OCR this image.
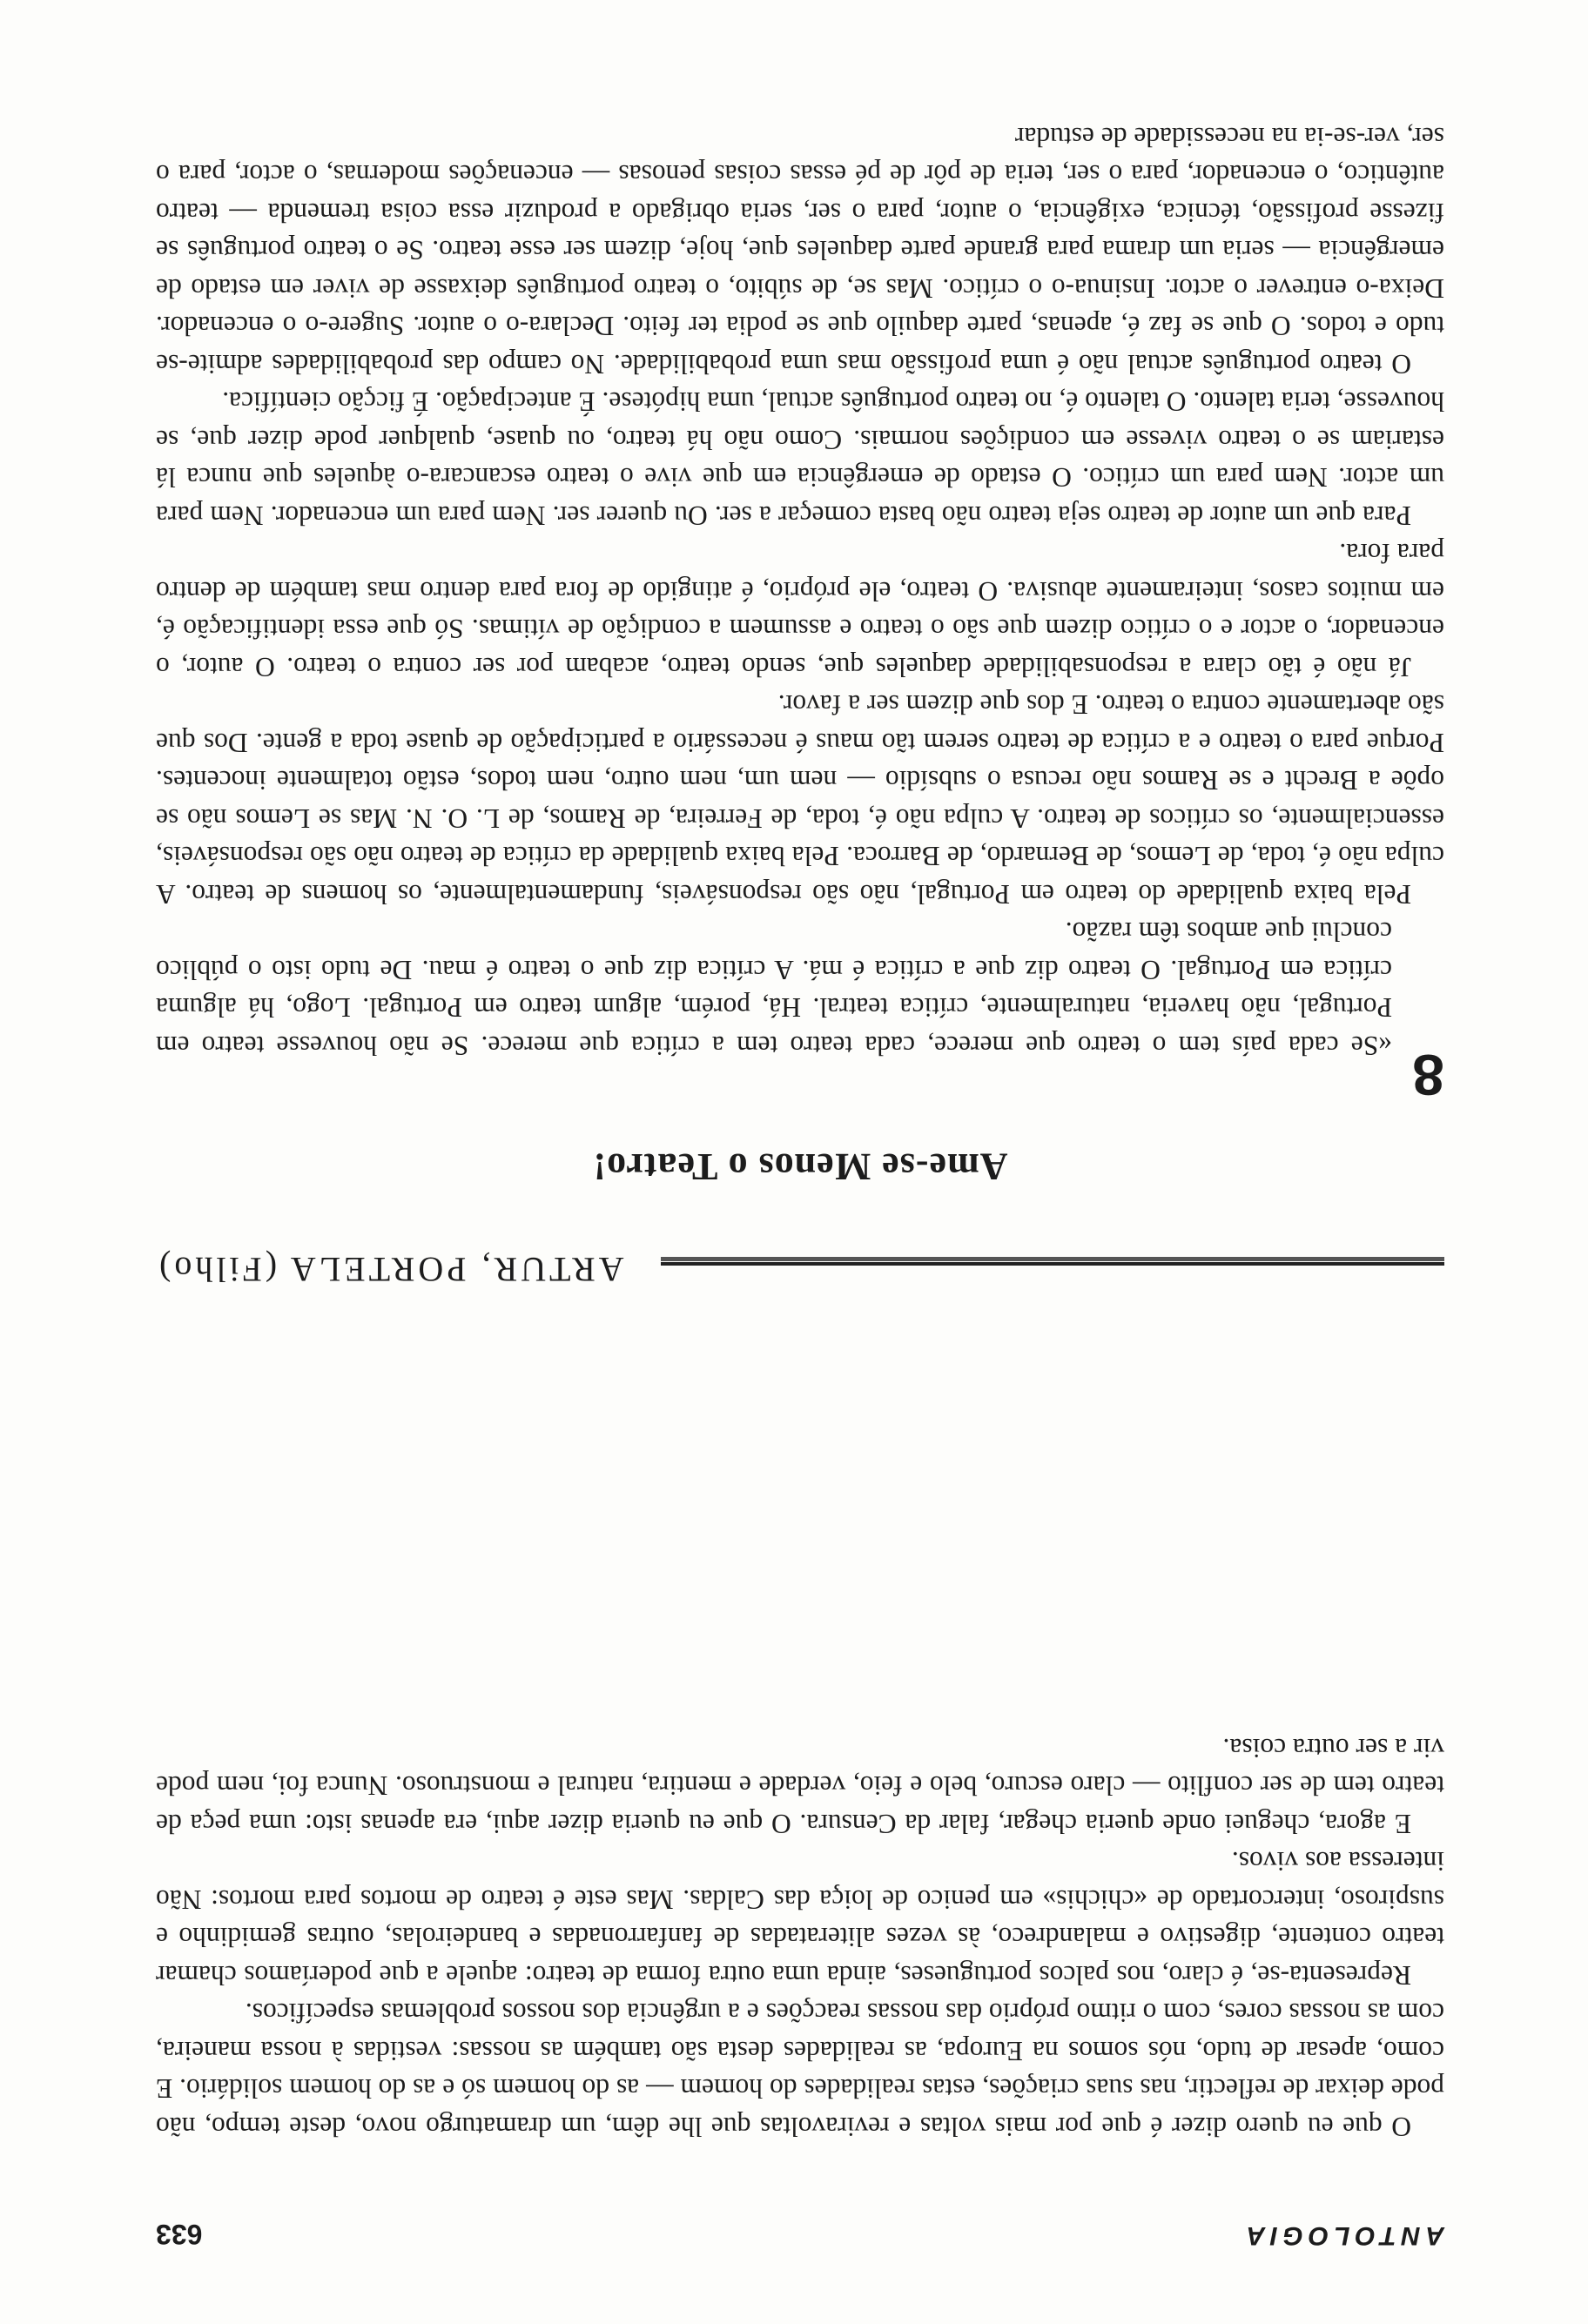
ANTOLOGIA
633

O que eu quero dizer é que por mais voltas e reviravoltas que lhe dêm, um dramaturgo novo, deste tempo, não pode deixar de reflectir, nas suas criações, estas realidades do homem — as do homem só e as do homem solidário. E como, apesar de tudo, nós somos na Europa, as realidades desta são também as nossas: vestidas à nossa maneira, com as nossas cores, com o ritmo próprio das nossas reacções e a urgência dos nossos problemas específicos.

Representa-se, é claro, nos palcos portugueses, ainda uma outra forma de teatro: aquele a que poderíamos chamar teatro contente, digestivo e malandreco, às vezes aliteratadas de fanfarronadas e bandeirolas, outras gemidinho e suspiroso, intercortado de «chichis» em penico de loiça das Caldas. Mas este é teatro de mortos para mortos: Não interessa aos vivos.

E agora, cheguei onde queria chegar, falar da Censura. O que eu queria dizer aqui, era apenas isto: uma peça de teatro tem de ser conflito — claro escuro, belo e feio, verdade e mentira, natural e monstruoso. Nunca foi, nem pode vir a ser outra coisa.

ARTUR, PORTELA (Filho)
Ame-se Menos o Teatro!
8

«Se cada país tem o teatro que merece, cada teatro tem a crítica que merece. Se não houvesse teatro em Portugal, não haveria, naturalmente, crítica teatral. Há, porém, algum teatro em Portugal. Logo, há alguma crítica em Portugal. O teatro diz que a crítica é má. A crítica diz que o teatro é mau. De tudo isto o público conclui que ambos têm razão.

Pela baixa qualidade do teatro em Portugal, não são responsáveis, fundamentalmente, os homens de teatro. A culpa não é, toda, de Lemos, de Bernardo, de Barroca. Pela baixa qualidade da crítica de teatro não são responsáveis, essencialmente, os críticos de teatro. A culpa não é, toda, de Ferreira, de Ramos, de L. O. N. Mas se Lemos não se opõe a Brecht e se Ramos não recusa o subsídio — nem um, nem outro, nem todos, estão totalmente inocentes. Porque para o teatro e a crítica de teatro serem tão maus é necessário a participação de quase toda a gente. Dos que são abertamente contra o teatro. E dos que dizem ser a favor.

Já não é tão clara a responsabilidade daqueles que, sendo teatro, acabam por ser contra o teatro. O autor, o encenador, o actor e o crítico dizem que são o teatro e assumem a condição de vítimas. Só que essa identificação é, em muitos casos, inteiramente abusiva. O teatro, ele próprio, é atingido de fora para dentro mas também de dentro para fora.

Para que um autor de teatro seja teatro não basta começar a ser. Ou querer ser. Nem para um encenador. Nem para um actor. Nem para um crítico. O estado de emergência em que vive o teatro escancara-o àqueles que nunca lá estariam se o teatro vivesse em condições normais. Como não há teatro, ou quase, qualquer pode dizer que, se houvesse, teria talento. O talento é, no teatro português actual, uma hipótese. É antecipação. É ficção científica.

O teatro português actual não é uma profissão mas uma probabilidade. No campo das probabilidades admite-se tudo e todos. O que se faz é, apenas, parte daquilo que se podia ter feito. Declara-o o autor. Sugere-o o encenador. Deixa-o entrever o actor. Insinua-o o crítico. Mas se, de súbito, o teatro português deixasse de viver em estado de emergência — seria um drama para grande parte daqueles que, hoje, dizem ser esse teatro. Se o teatro português se fizesse profissão, técnica, exigência, o autor, para o ser, seria obrigado a produzir essa coisa tremenda — teatro autêntico, o encenador, para o ser, teria de pôr de pé essas coisas penosas — encenações modernas, o actor, para o ser, ver-se-ia na necessidade de estudar
